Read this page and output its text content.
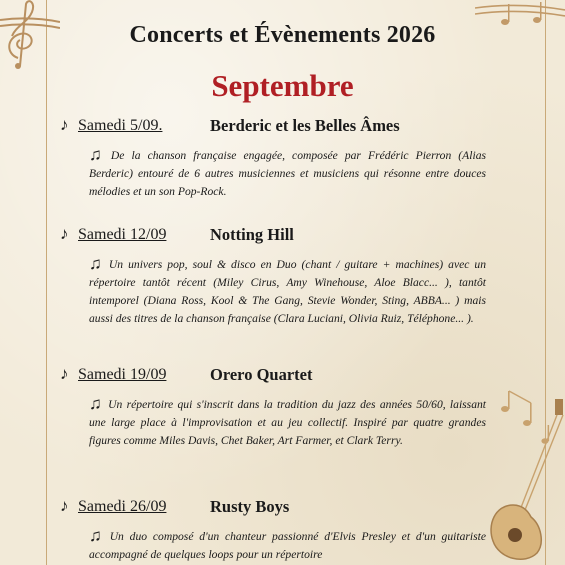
Concerts et Évènements 2026
Septembre
♪ Samedi 5/09.	Berderic et les Belles Âmes

♫ De la chanson française engagée, composée par Frédéric Pierron (Alias Berderic) entouré de 6 autres musiciennes et musiciens qui résonne entre douces mélodies et un son Pop-Rock.

♪ Samedi 12/09	Notting Hill

♫ Un univers pop, soul & disco en Duo (chant / guitare + machines) avec un répertoire tantôt récent (Miley Cirus, Amy Winehouse, Aloe Blacc... ), tantôt intemporel (Diana Ross, Kool & The Gang, Stevie Wonder, Sting, ABBA... ) mais aussi des titres de la chanson française (Clara Luciani, Olivia Ruiz, Téléphone... ).

♪ Samedi 19/09	Orero Quartet

♫ Un répertoire qui s'inscrit dans la tradition du jazz des années 50/60, laissant une large place à l'improvisation et au jeu collectif. Inspiré par quatre grandes figures comme Miles Davis, Chet Baker, Art Farmer, et Clark Terry.

♪ Samedi 26/09	Rusty Boys

♫ Un duo composé d'un chanteur passionné d'Elvis Presley et d'un guitariste accompagné de quelques loops pour un répertoire
